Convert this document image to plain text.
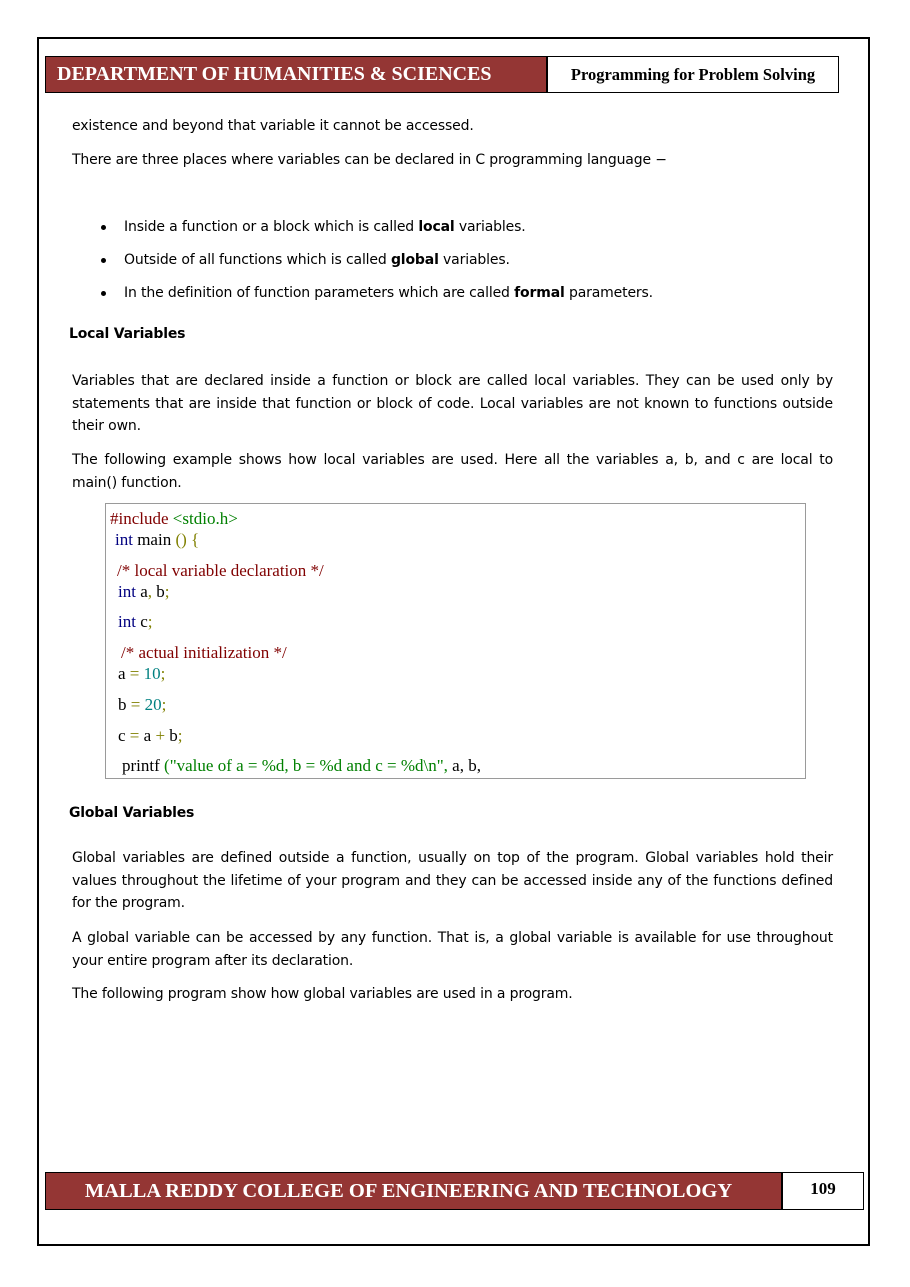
DEPARTMENT OF HUMANITIES & SCIENCES	Programming for Problem Solving
existence and beyond that variable it cannot be accessed.
There are three places where variables can be declared in C programming language −
Inside a function or a block which is called local variables.
Outside of all functions which is called global variables.
In the definition of function parameters which are called formal parameters.
Local Variables
Variables that are declared inside a function or block are called local variables. They can be used only by statements that are inside that function or block of code. Local variables are not known to functions outside their own.
The following example shows how local variables are used. Here all the variables a, b, and c are local to main() function.
#include <stdio.h>
int main () {
/* local variable declaration */
int a, b;
int c;
/* actual initialization */
a = 10;
b = 20;
c = a + b;
printf ("value of a = %d, b = %d and c = %d\n", a, b,
Global Variables
Global variables are defined outside a function, usually on top of the program. Global variables hold their values throughout the lifetime of your program and they can be accessed inside any of the functions defined for the program.
A global variable can be accessed by any function. That is, a global variable is available for use throughout your entire program after its declaration.
The following program show how global variables are used in a program.
MALLA REDDY COLLEGE OF ENGINEERING AND TECHNOLOGY	109
